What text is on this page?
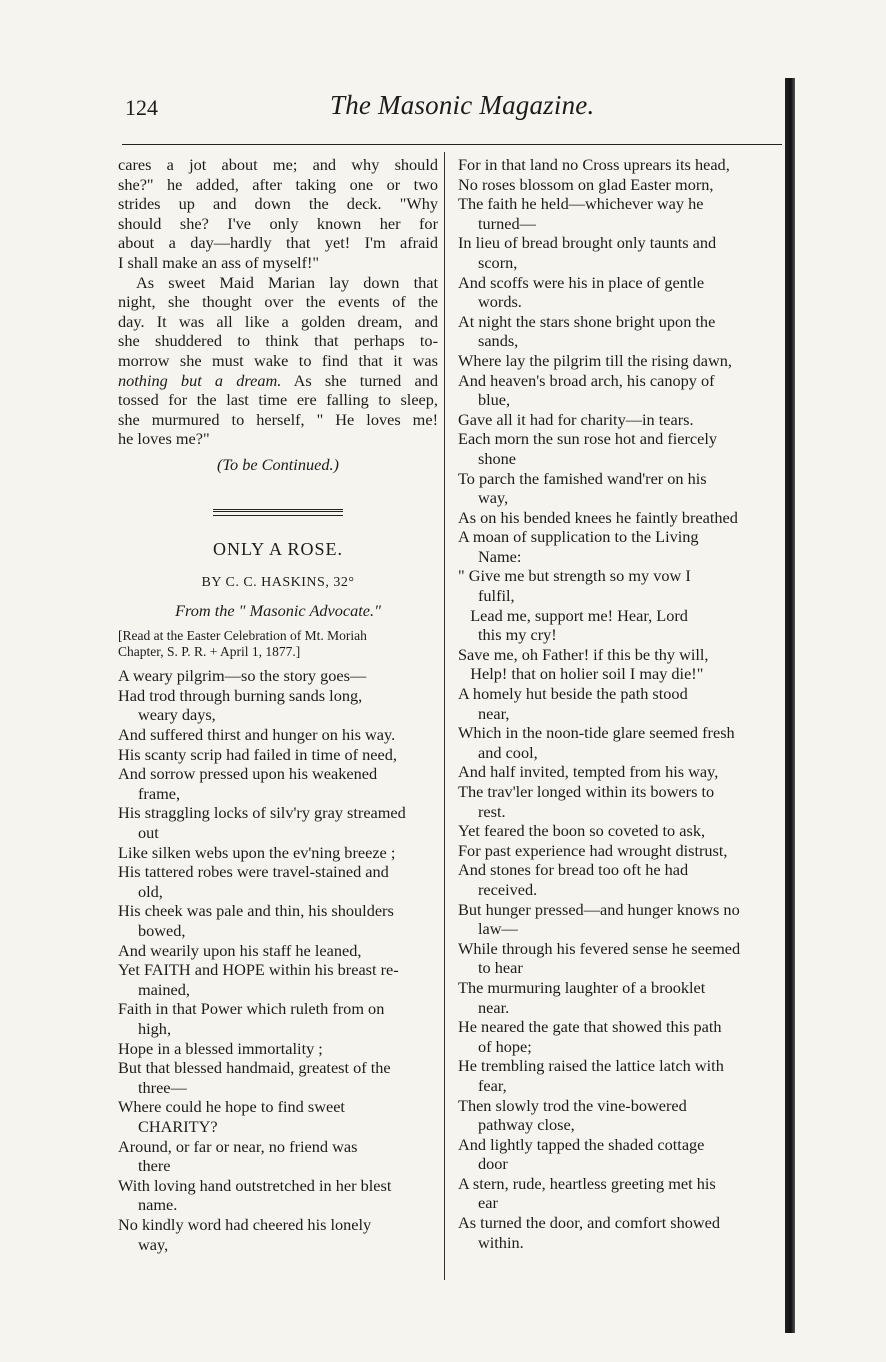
124	The Masonic Magazine.
cares a jot about me; and why should
she?" he added, after taking one or two
strides up and down the deck. "Why
should she? I've only known her for
about a day—hardly that yet! I'm afraid
I shall make an ass of myself!"
As sweet Maid Marian lay down that
night, she thought over the events of the
day. It was all like a golden dream, and
she shuddered to think that perhaps to-
morrow she must wake to find that it was
nothing but a dream. As she turned and
tossed for the last time ere falling to sleep,
she murmured to herself, " He loves me!
he loves me?"
(To be Continued.)
ONLY A ROSE.
BY C. C. HASKINS, 32°
From the " Masonic Advocate."
[Read at the Easter Celebration of Mt. Moriah
Chapter, S. P. R. + April 1, 1877.]
A weary pilgrim—so the story goes—
Had trod through burning sands long,
weary days,
And suffered thirst and hunger on his way.
His scanty scrip had failed in time of need,
And sorrow pressed upon his weakened
frame,
His straggling locks of silv'ry gray streamed
out
Like silken webs upon the ev'ning breeze ;
His tattered robes were travel-stained and
old,
His cheek was pale and thin, his shoulders
bowed,
And wearily upon his staff he leaned,
Yet FAITH and HOPE within his breast re-
mained,
Faith in that Power which ruleth from on
high,
Hope in a blessed immortality ;
But that blessed handmaid, greatest of the
three—
Where could he hope to find sweet
CHARITY?
Around, or far or near, no friend was
there
With loving hand outstretched in her blest
name.
No kindly word had cheered his lonely
way,
For in that land no Cross uprears its head,
No roses blossom on glad Easter morn,
The faith he held—whichever way he
turned—
In lieu of bread brought only taunts and
scorn,
And scoffs were his in place of gentle
words.
At night the stars shone bright upon the
sands,
Where lay the pilgrim till the rising dawn,
And heaven's broad arch, his canopy of
blue,
Gave all it had for charity—in tears.
Each morn the sun rose hot and fiercely
shone
To parch the famished wand'rer on his
way,
As on his bended knees he faintly breathed
A moan of supplication to the Living
Name:
" Give me but strength so my vow I
fulfil,
Lead me, support me! Hear, Lord
this my cry!
Save me, oh Father! if this be thy will,
Help! that on holier soil I may die!"
A homely hut beside the path stood
near,
Which in the noon-tide glare seemed fresh
and cool,
And half invited, tempted from his way,
The trav'ler longed within its bowers to
rest.
Yet feared the boon so coveted to ask,
For past experience had wrought distrust,
And stones for bread too oft he had
received.
But hunger pressed—and hunger knows no
law—
While through his fevered sense he seemed
to hear
The murmuring laughter of a brooklet
near.
He neared the gate that showed this path
of hope;
He trembling raised the lattice latch with
fear,
Then slowly trod the vine-bowered
pathway close,
And lightly tapped the shaded cottage
door
A stern, rude, heartless greeting met his
ear
As turned the door, and comfort showed
within.
